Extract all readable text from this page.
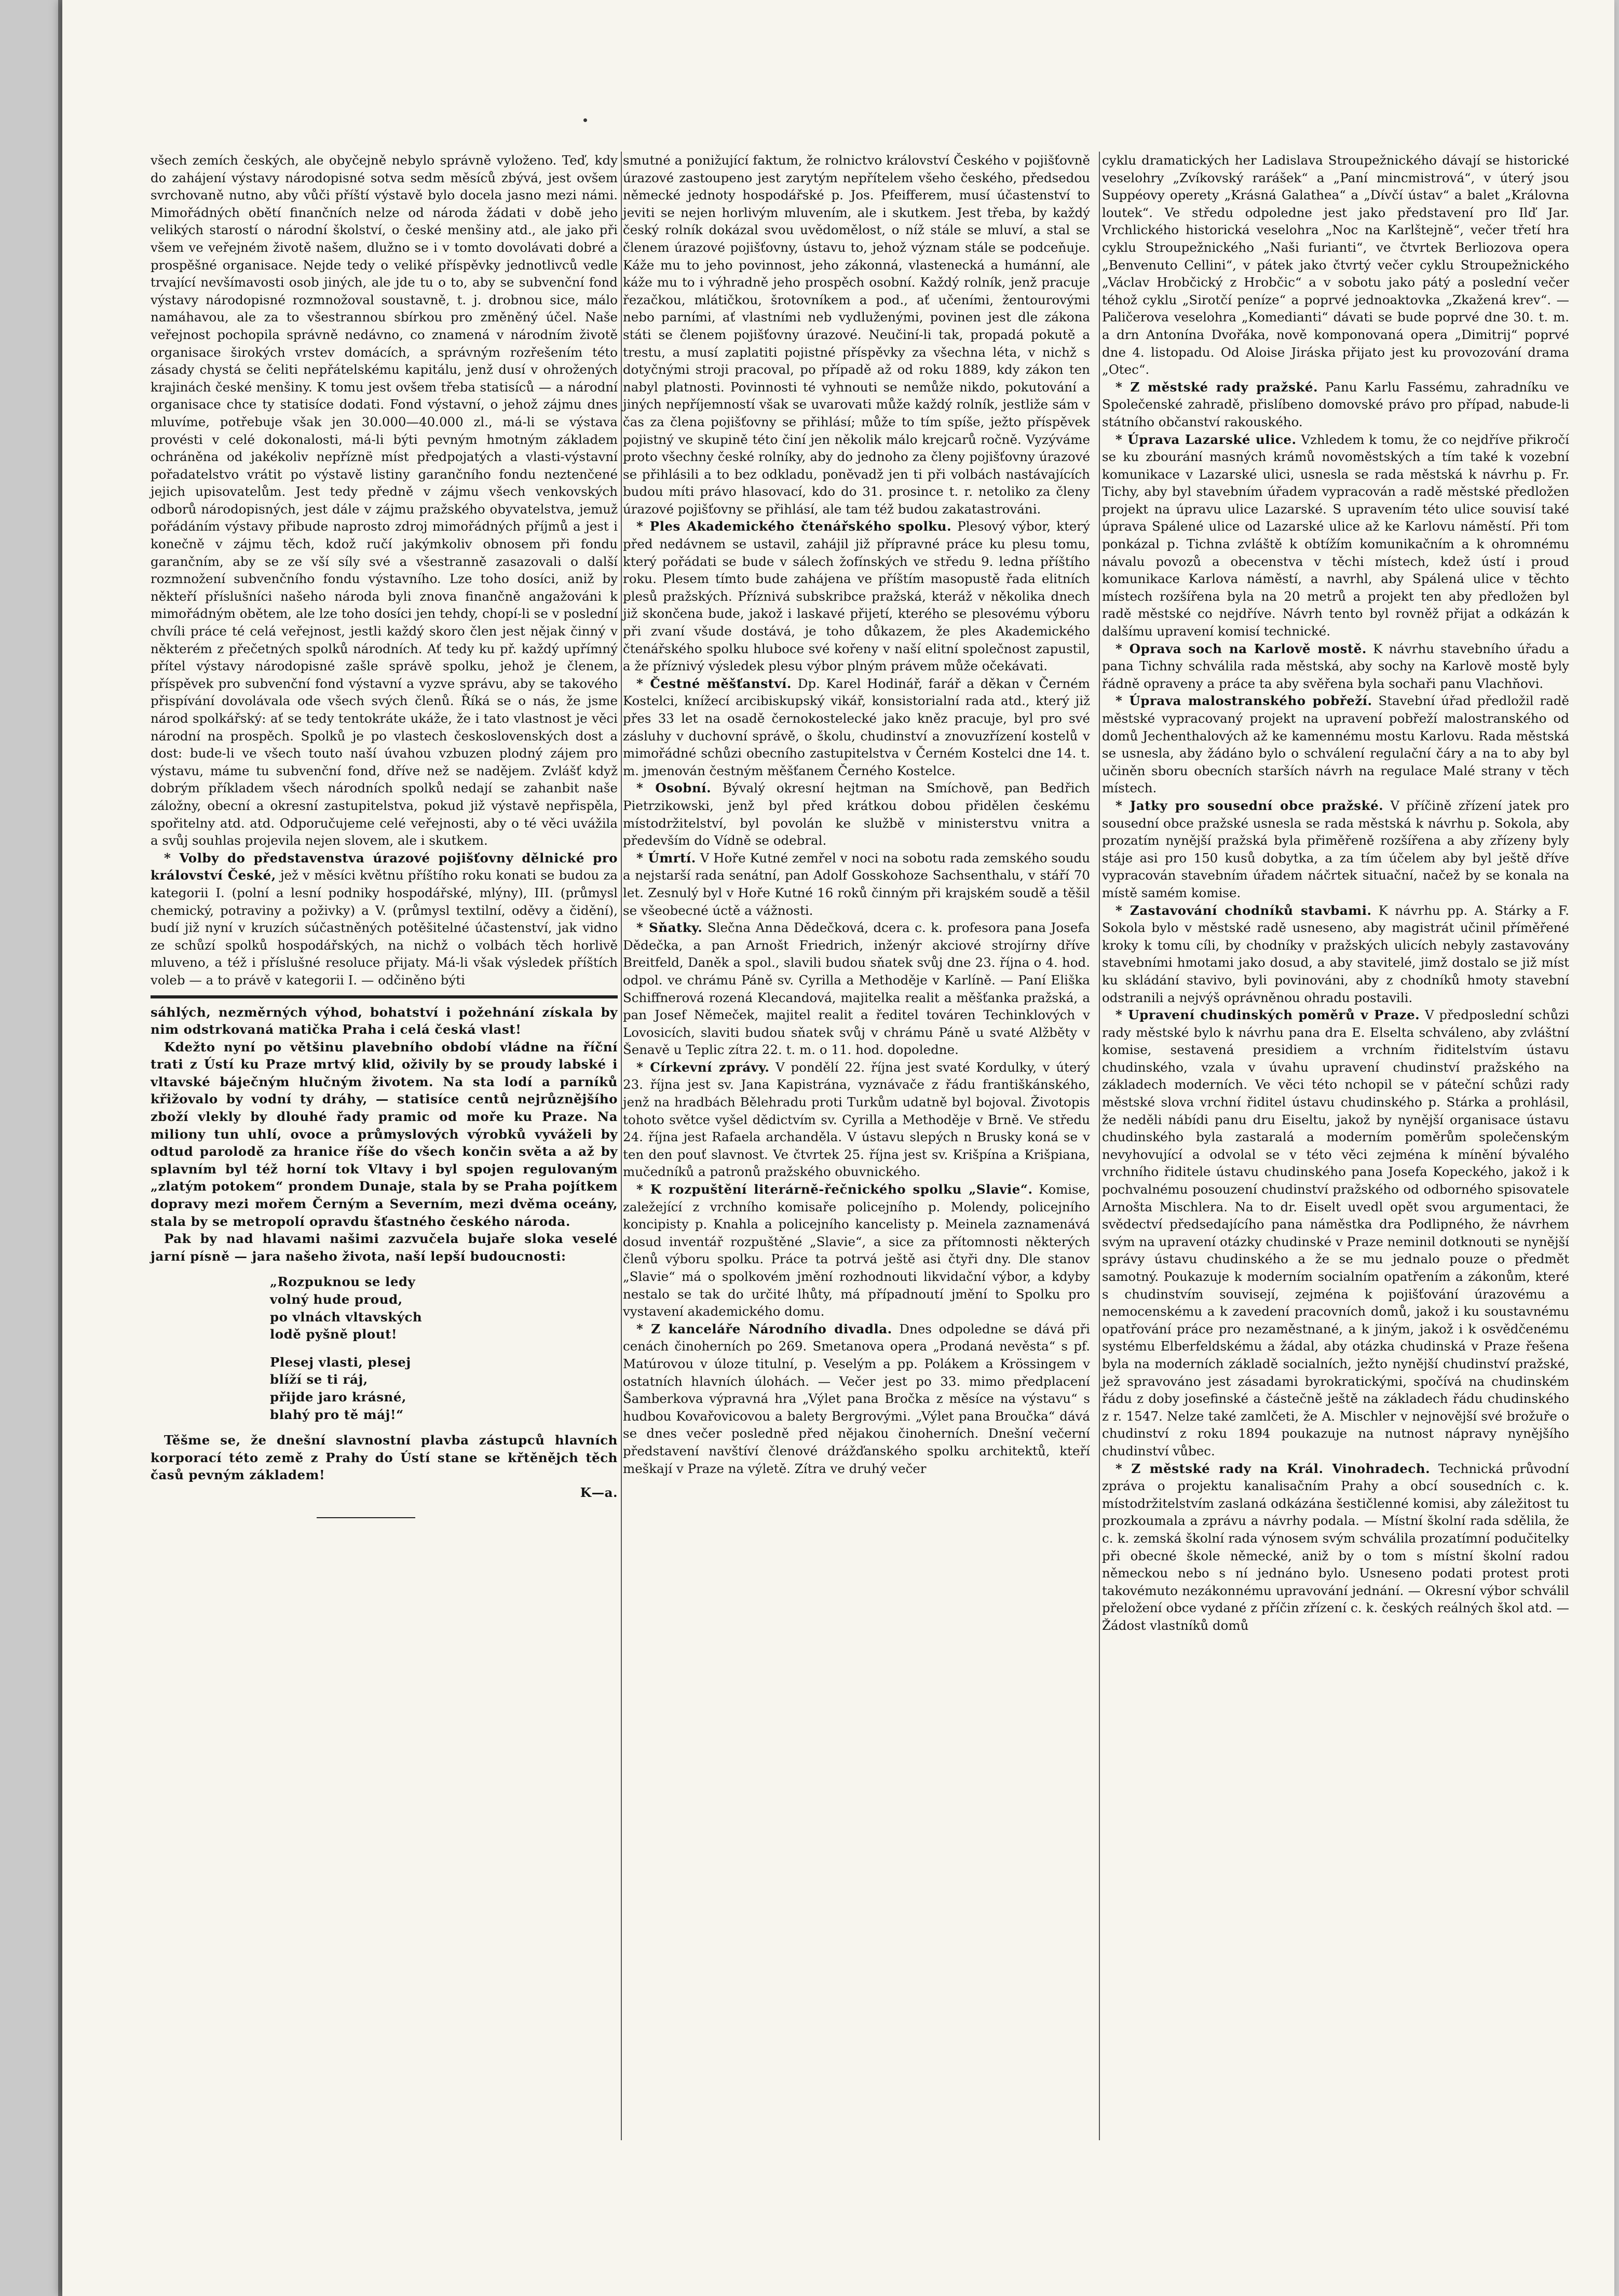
všech zemích českých, ale obyčejně nebylo správně vyloženo. Teď, kdy do zahájení výstavy národopisné sotva sedm měsíců zbývá, jest ovšem svrchovaně nutno, aby vůči příští výstavě bylo docela jasno mezi námi. Mimořádných obětí finančních nelze od národa žádati v době jeho velikých starostí o národní školství, o české menšiny atd., ale jako při všem ve veřejném životě našem, dlužno se i v tomto dovolávati dobré a prospěšné organisace. Nejde tedy o veliké příspěvky jednotlivců vedle trvající nevšímavosti osob jiných, ale jde tu o to, aby se subvenční fond výstavy národopisné rozmnožoval soustavně, t. j. drobnou sice, málo namáhavou, ale za to všestrannou sbírkou pro změněný účel. Naše veřejnost pochopila správně nedávno, co znamená v národním životě organisace širokých vrstev domácích, a správným rozřešením této zásady chystá se čeliti nepřátelskému kapitálu, jenž dusí v ohrožených krajinách české menšiny. K tomu jest ovšem třeba statisíců — a národní organisace chce ty statisíce dodati. Fond výstavní, o jehož zájmu dnes mluvíme, potřebuje však jen 30.000—40.000 zl., má-li se výstava provésti v celé dokonalosti, má-li býti pevným hmotným základem ochráněna od jakékoliv nepříznë míst předpojatých a vlasti-výstavní pořadatelstvo vrátit po výstavě listiny garančního fondu neztenčené jejich upisovatelům. Jest tedy předně v zájmu všech venkovských odborů národopisných, jest dále v zájmu pražského obyvatelstva, jemuž pořádáním výstavy přibude naprosto zdroj mimořádných příjmů a jest i konečně v zájmu těch, kdož ručí jakýmkoliv obnosem při fondu garančním, aby se ze vší síly své a všestranně zasazovali o další rozmnožení subvenčního fondu výstavního. Lze toho dosíci, aniž by někteří příslušníci našeho národa byli znova finančně angažováni k mimořádným obětem, ale lze toho dosíci jen tehdy, chopí-li se v poslední chvíli práce té celá veřejnost, jestli každý skoro člen jest nějak činný v některém z přečetných spolků národních. Ať tedy ku př. každý upřímný přítel výstavy národopisné zašle správě spolku, jehož je členem, příspěvek pro subvenční fond výstavní a vyzve správu, aby se takového přispívání dovolávala ode všech svých členů. Říká se o nás, že jsme národ spolkářský: ať se tedy tentokráte ukáže, že i tato vlastnost je věci národní na prospěch. Spolků je po vlastech československých dost a dost: bude-li ve všech touto naší úvahou vzbuzen plodný zájem pro výstavu, máme tu subvenční fond, dříve než se nadějem. Zvlášť když dobrým příkladem všech národních spolků nedají se zahanbit naše záložny, obecní a okresní zastupitelstva, pokud již výstavě nepřispěla, spořitelny atd. atd. Odporučujeme celé veřejnosti, aby o té věci uvážila a svůj souhlas projevila nejen slovem, ale i skutkem.

* Volby do představenstva úrazové pojišťovny dělnické pro království České, jež v měsíci květnu příštího roku konati se budou za kategorii I. (polní a lesní podniky hospodářské, mlýny), III. (průmysl chemický, potraviny a poživky) a V. (průmysl textilní, oděvy a čidění), budí již nyní v kruzích súčastněných potěšitelné účastenství, jak vidno ze schůzí spolků hospodářských, na nichž o volbách těch horlivě mluveno, a též i příslušné resoluce přijaty. Má-li však výsledek příštích voleb — a to právě v kategorii I. — odčiněno býti

sáhlých, nezměrných výhod, bohatství i požehnání získala by nim odstrkovaná matička Praha i celá česká vlast!

Kdežto nyní po většinu plavebního období vládne na říční trati z Ústí ku Praze mrtvý klid, oživily by se proudy labské i vltavské báječným hlučným životem. Na sta lodí a parníků křižovalo by vodní ty dráhy, — statisíce centů nejrůznějšího zboží vlekly by dlouhé řady pramic od moře ku Praze. Na miliony tun uhlí, ovoce a průmyslových výrobků vyváželi by odtud parolodě za hranice říše do všech končin světa a až by splavním byl též horní tok Vltavy i byl spojen regulovaným „zlatým potokem“ prondem Dunaje, stala by se Praha pojítkem dopravy mezi mořem Černým a Severním, mezi dvěma oceány, stala by se metropolí opravdu šťastného českého národa.

Pak by nad hlavami našimi zazvučela bujaře sloka veselé jarní písně — jara našeho života, naší lepší budoucnosti:

„Rozpuknou se ledy

volný hude proud,

po vlnách vltavských

lodě pyšně plout!

Plesej vlasti, plesej

blíží se ti ráj,

přijde jaro krásné,

blahý pro tě máj!“

Těšme se, že dnešní slavnostní plavba zástupců hlavních korporací této země z Prahy do Ústí stane se křtěnějch těch časů pevným základem!

K—a.

smutné a ponižující faktum, že rolnictvo království Českého v pojišťovně úrazové zastoupeno jest zarytým nepřítelem všeho českého, předsedou německé jednoty hospodářské p. Jos. Pfeifferem, musí účastenství to jeviti se nejen horlivým mluvením, ale i skutkem. Jest třeba, by každý český rolník dokázal svou uvědomělost, o níž stále se mluví, a stal se členem úrazové pojišťovny, ústavu to, jehož význam stále se podceňuje. Káže mu to jeho povinnost, jeho zákonná, vlastenecká a humánní, ale káže mu to i výhradně jeho prospěch osobní. Každý rolník, jenž pracuje řezačkou, mlátičkou, šrotovníkem a pod., ať učeními, žentourovými nebo parními, ať vlastními neb vydluženými, povinen jest dle zákona státi se členem pojišťovny úrazové. Neučiní-li tak, propadá pokutě a trestu, a musí zaplatiti pojistné příspěvky za všechna léta, v nichž s dotyčnými stroji pracoval, po případě až od roku 1889, kdy zákon ten nabyl platnosti. Povinnosti té vyhnouti se nemůže nikdo, pokutování a jiných nepříjemností však se uvarovati může každý rolník, jestliže sám v čas za člena pojišťovny se přihlásí; může to tím spíše, ježto příspěvek pojistný ve skupině této činí jen několik málo krejcarů ročně. Vyzýváme proto všechny české rolníky, aby do jednoho za členy pojišťovny úrazové se přihlásili a to bez odkladu, poněvadž jen ti při volbách nastávajících budou míti právo hlasovací, kdo do 31. prosince t. r. netoliko za členy úrazové pojišťovny se přihlásí, ale tam též budou zakatastrováni.

* Ples Akademického čtenářského spolku. Plesový výbor, který před nedávnem se ustavil, zahájil již přípravné práce ku plesu tomu, který pořádati se bude v sálech žofínských ve středu 9. ledna příštího roku. Plesem tímto bude zahájena ve příštím masopustě řada elitních plesů pražských. Příznivá subskribce pražská, kteráž v několika dnech již skončena bude, jakož i laskavé přijetí, kterého se plesovému výboru při zvaní všude dostává, je toho důkazem, že ples Akademického čtenářského spolku hluboce své kořeny v naší elitní společnost zapustil, a že příznivý výsledek plesu výbor plným právem může očekávati.

* Čestné měšťanství. Dp. Karel Hodinář, farář a děkan v Černém Kostelci, knížecí arcibiskupský vikář, konsistorialní rada atd., který již přes 33 let na osadě černokostelecké jako kněz pracuje, byl pro své zásluhy v duchovní správě, o školu, chudinství a znovuzřízení kostelů v mimořádné schůzi obecního zastupitelstva v Černém Kostelci dne 14. t. m. jmenován čestným měšťanem Černého Kostelce.

* Osobní. Bývalý okresní hejtman na Smíchově, pan Bedřich Pietrzikowski, jenž byl před krátkou dobou přidělen českému místodržitelství, byl povolán ke službě v ministerstvu vnitra a především do Vídně se odebral.

* Úmrtí. V Hoře Kutné zemřel v noci na sobotu rada zemského soudu a nejstarší rada senátní, pan Adolf Gosskohoze Sachsenthalu, v stáří 70 let. Zesnulý byl v Hoře Kutné 16 roků činným při krajském soudě a těšil se všeobecné úctě a vážnosti.

* Sňatky. Slečna Anna Dědečková, dcera c. k. profesora pana Josefa Dědečka, a pan Arnošt Friedrich, inženýr akciové strojírny dříve Breitfeld, Daněk a spol., slavili budou sňatek svůj dne 23. října o 4. hod. odpol. ve chrámu Páně sv. Cyrilla a Methoděje v Karlíně. — Paní Eliška Schiffnerová rozená Klecandová, majitelka realit a měšťanka pražská, a pan Josef Němeček, majitel realit a ředitel továren Techinklových v Lovosicích, slaviti budou sňatek svůj v chrámu Páně u svaté Alžběty v Šenavě u Teplic zítra 22. t. m. o 11. hod. dopoledne.

* Církevní zprávy. V pondělí 22. října jest svaté Kordulky, v úterý 23. října jest sv. Jana Kapistrána, vyznávače z řádu františkánského, jenž na hradbách Bělehradu proti Turkům udatně byl bojoval. Životopis tohoto světce vyšel dědictvím sv. Cyrilla a Methoděje v Brně. Ve středu 24. října jest Rafaela archanděla. V ústavu slepých n Brusky koná se v ten den pouť slavnost. Ve čtvrtek 25. října jest sv. Krišpína a Krišpiana, mučedníků a patronů pražského obuvnického.

* K rozpuštění literárně-řečnického spolku „Slavie“. Komise, zaležející z vrchního komisaře policejního p. Molendy, policejního koncipisty p. Knahla a policejního kancelisty p. Meinela zaznamenává dosud inventář rozpuštěné „Slavie“, a sice za přítomnosti některých členů výboru spolku. Práce ta potrvá ještě asi čtyři dny. Dle stanov „Slavie“ má o spolkovém jmění rozhodnouti likvidační výbor, a kdyby nestalo se tak do určité lhůty, má případnoutí jmění to Spolku pro vystavení akademického domu.

* Z kanceláře Národního divadla. Dnes odpoledne se dává při cenách činoherních po 269. Smetanova opera „Prodaná nevěsta“ s pf. Matúrovou v úloze titulní, p. Veselým a pp. Polákem a Krössingem v ostatních hlavních úlohách. — Večer jest po 33. mimo předplacení Šamberkova výpravná hra „Výlet pana Bročka z měsíce na výstavu“ s hudbou Kovařovicovou a balety Bergrovými. „Výlet pana Broučka“ dává se dnes večer posledně před nějakou činoherních. Dnešní večerní představení navštíví členové drážďanského spolku architektů, kteří meškají v Praze na výletě. Zítra ve druhý večer

cyklu dramatických her Ladislava Stroupežnického dávají se historické veselohry „Zvíkovský rarášek“ a „Paní mincmistrová“, v úterý jsou Suppéovy operety „Krásná Galathea“ a „Dívčí ústav“ a balet „Královna loutek“. Ve středu odpoledne jest jako představení pro Ilď Jar. Vrchlického historická veselohra „Noc na Karlštejně“, večer třetí hra cyklu Stroupežnického „Naši furianti“, ve čtvrtek Berliozova opera „Benvenuto Cellini“, v pátek jako čtvrtý večer cyklu Stroupežnického „Václav Hrobčický z Hrobčic“ a v sobotu jako pátý a poslední večer téhož cyklu „Sirotčí peníze“ a poprvé jednoaktovka „Zkažená krev“. — Paličerova veselohra „Komedianti“ dávati se bude poprvé dne 30. t. m. a drn Antonína Dvořáka, nově komponovaná opera „Dimitrij“ poprvé dne 4. listopadu. Od Aloise Jiráska přijato jest ku provozování drama „Otec“.

* Z městské rady pražské. Panu Karlu Fassému, zahradníku ve Společenské zahradě, přislíbeno domovské právo pro případ, nabude-li státního občanství rakouského.

* Úprava Lazarské ulice. Vzhledem k tomu, že co nejdříve přikročí se ku zbourání masných krámů novoměstských a tím také k vozební komunikace v Lazarské ulici, usnesla se rada městská k návrhu p. Fr. Tichy, aby byl stavebním úřadem vypracován a radě městské předložen projekt na úpravu ulice Lazarské. S upravením této ulice souvisí také úprava Spálené ulice od Lazarské ulice až ke Karlovu náměstí. Při tom ponkázal p. Tichna zvláště k obtížím komunikačním a k ohromnému návalu povozů a obecenstva v těchi místech, kdež ústí i proud komunikace Karlova náměstí, a navrhl, aby Spálená ulice v těchto místech rozšířena byla na 20 metrů a projekt ten aby předložen byl radě městské co nejdříve. Návrh tento byl rovněž přijat a odkázán k dalšímu upravení komisí technické.

* Oprava soch na Karlově mostě. K návrhu stavebního úřadu a pana Tichny schválila rada městská, aby sochy na Karlově mostě byly řádně opraveny a práce ta aby svěřena byla sochaři panu Vlachňovi.

* Úprava malostranského pobřeží. Stavební úřad předložil radě městské vypracovaný projekt na upravení pobřeží malostranského od domů Jechenthalových až ke kamennému mostu Karlovu. Rada městská se usnesla, aby žádáno bylo o schválení regulační čáry a na to aby byl učiněn sboru obecních starších návrh na regulace Malé strany v těch místech.

* Jatky pro sousední obce pražské. V příčině zřízení jatek pro sousední obce pražské usnesla se rada městská k návrhu p. Sokola, aby prozatím nynější pražská byla přiměřeně rozšířena a aby zřízeny byly stáje asi pro 150 kusů dobytka, a za tím účelem aby byl ještě dříve vypracován stavebním úřadem náčrtek situační, načež by se konala na místě samém komise.

* Zastavování chodníků stavbami. K návrhu pp. A. Stárky a F. Sokola bylo v městské radě usneseno, aby magistrát učinil příměřené kroky k tomu cíli, by chodníky v pražských ulicích nebyly zastavovány stavebními hmotami jako dosud, a aby stavitelé, jimž dostalo se již míst ku skládání stavivo, byli povinováni, aby z chodníků hmoty stavební odstranili a nejvýš oprávněnou ohradu postavili.

* Upravení chudinských poměrů v Praze. V předposlední schůzi rady městské bylo k návrhu pana dra E. Elselta schváleno, aby zvláštní komise, sestavená presidiem a vrchním řiditelstvím ústavu chudinského, vzala v úvahu upravení chudinství pražského na základech moderních. Ve věci této nchopil se v páteční schůzi rady městské slova vrchní řiditel ústavu chudinského p. Stárka a prohlásil, že neděli nábídi panu dru Eiseltu, jakož by nynější organisace ústavu chudinského byla zastaralá a moderním poměrům společenským nevyhovující a odvolal se v této věci zejména k mínění bývalého vrchního řiditele ústavu chudinského pana Josefa Kopeckého, jakož i k pochvalnému posouzení chudinství pražského od odborného spisovatele Arnošta Mischlera. Na to dr. Eiselt uvedl opět svou argumentaci, že svědectví předsedajícího pana náměstka dra Podlipného, že návrhem svým na upravení otázky chudinské v Praze neminil dotknouti se nynější správy ústavu chudinského a že se mu jednalo pouze o předmět samotný. Poukazuje k moderním socialním opatřením a zákonům, které s chudinstvím souvisejí, zejména k pojišťování úrazovému a nemocenskému a k zavedení pracovních domů, jakož i ku soustavnému opatřování práce pro nezaměstnané, a k jiným, jakož i k osvědčenému systému Elberfeldskému a žádal, aby otázka chudinská v Praze řešena byla na moderních základě socialních, ježto nynější chudinství pražské, jež spravováno jest zásadami byrokratickými, spočívá na chudinském řádu z doby josefinské a částečně ještě na základech řádu chudinského z r. 1547. Nelze také zamlčeti, že A. Mischler v nejnovější své brožuře o chudinství z roku 1894 poukazuje na nutnost nápravy nynějšího chudinství vůbec.

* Z městské rady na Král. Vinohradech. Technická průvodní zpráva o projektu kanalisačním Prahy a obcí sousedních c. k. místodržitelstvím zaslaná odkázána šestičlenné komisi, aby záležitost tu prozkoumala a zprávu a návrhy podala. — Místní školní rada sdělila, že c. k. zemská školní rada výnosem svým schválila prozatímní podučitelky při obecné škole německé, aniž by o tom s místní školní radou německou nebo s ní jednáno bylo. Usneseno podati protest proti takovémuto nezákonnému upravování jednání. — Okresní výbor schválil přeložení obce vydané z příčin zřízení c. k. českých reálných škol atd. — Žádost vlastníků domů
